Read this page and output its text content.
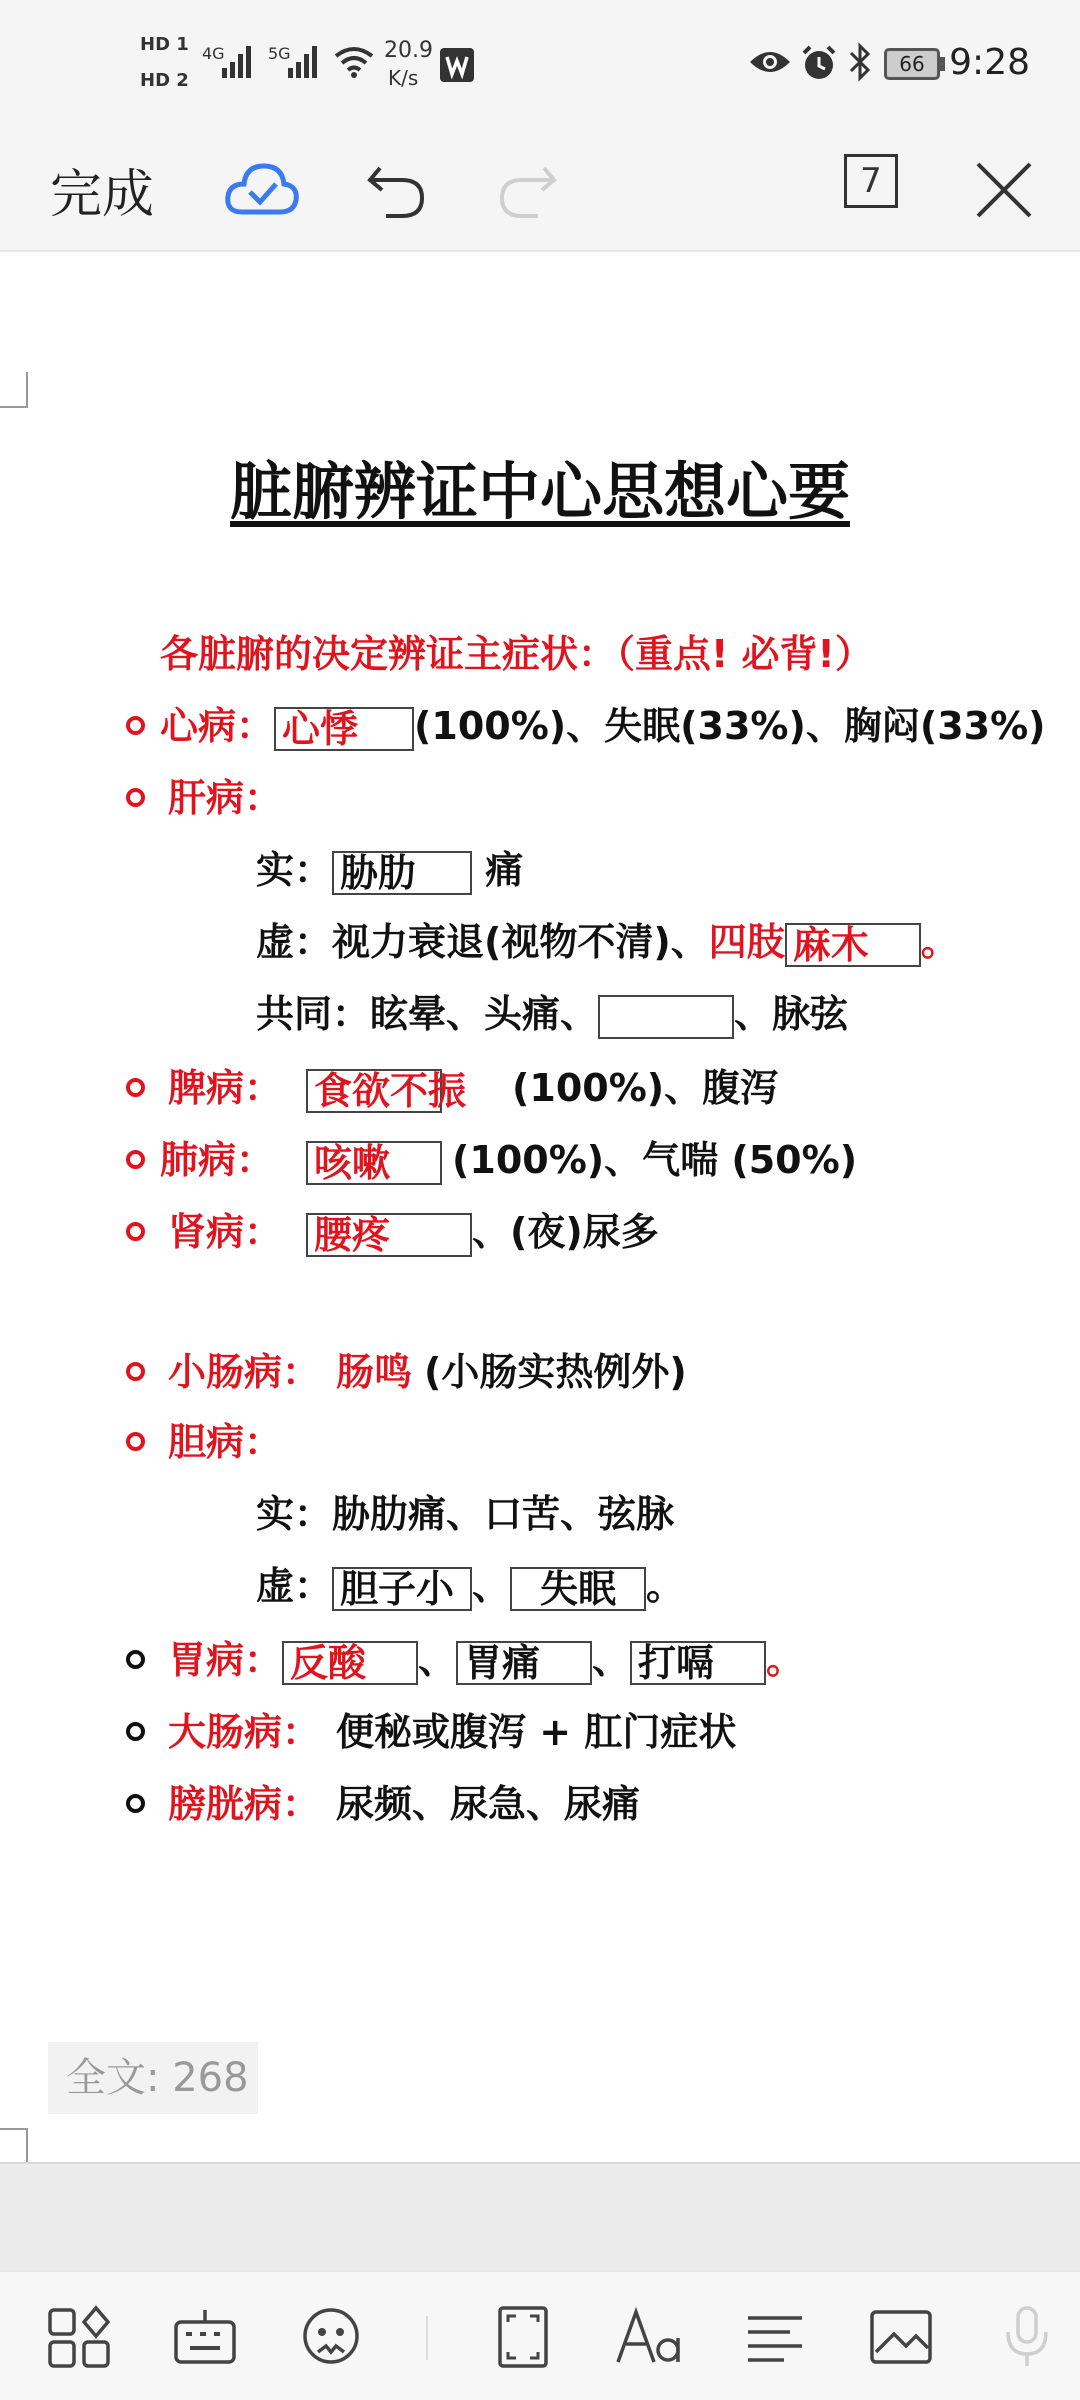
HD 1
HD 2
4G	5G	20.9
K/s
66 9:28
完成	7
脏腑辨证中心思想心要
各脏腑的决定辨证主症状：（重点! 必背!）
心病： 心悸 (100%)、失眠(33%)、胸闷(33%)
肝病：
实： 胁肋 痛
虚：视力衰退(视物不清)、四肢 麻木 。
共同：眩晕、头痛、	、脉弦
脾病： 食欲不振 (100%)、腹泻
肺病： 咳嗽 (100%)、气喘 (50%)
肾病： 腰疼 、(夜)尿多
小肠病： 肠鸣 (小肠实热例外)
胆病：
实：胁肋痛、口苦、弦脉
虚： 胆子小 、 失眠 。
胃病： 反酸 、 胃痛 、 打嗝 。
大肠病： 便秘或腹泻 + 肛门症状
膀胱病： 尿频、尿急、尿痛
全文: 268
